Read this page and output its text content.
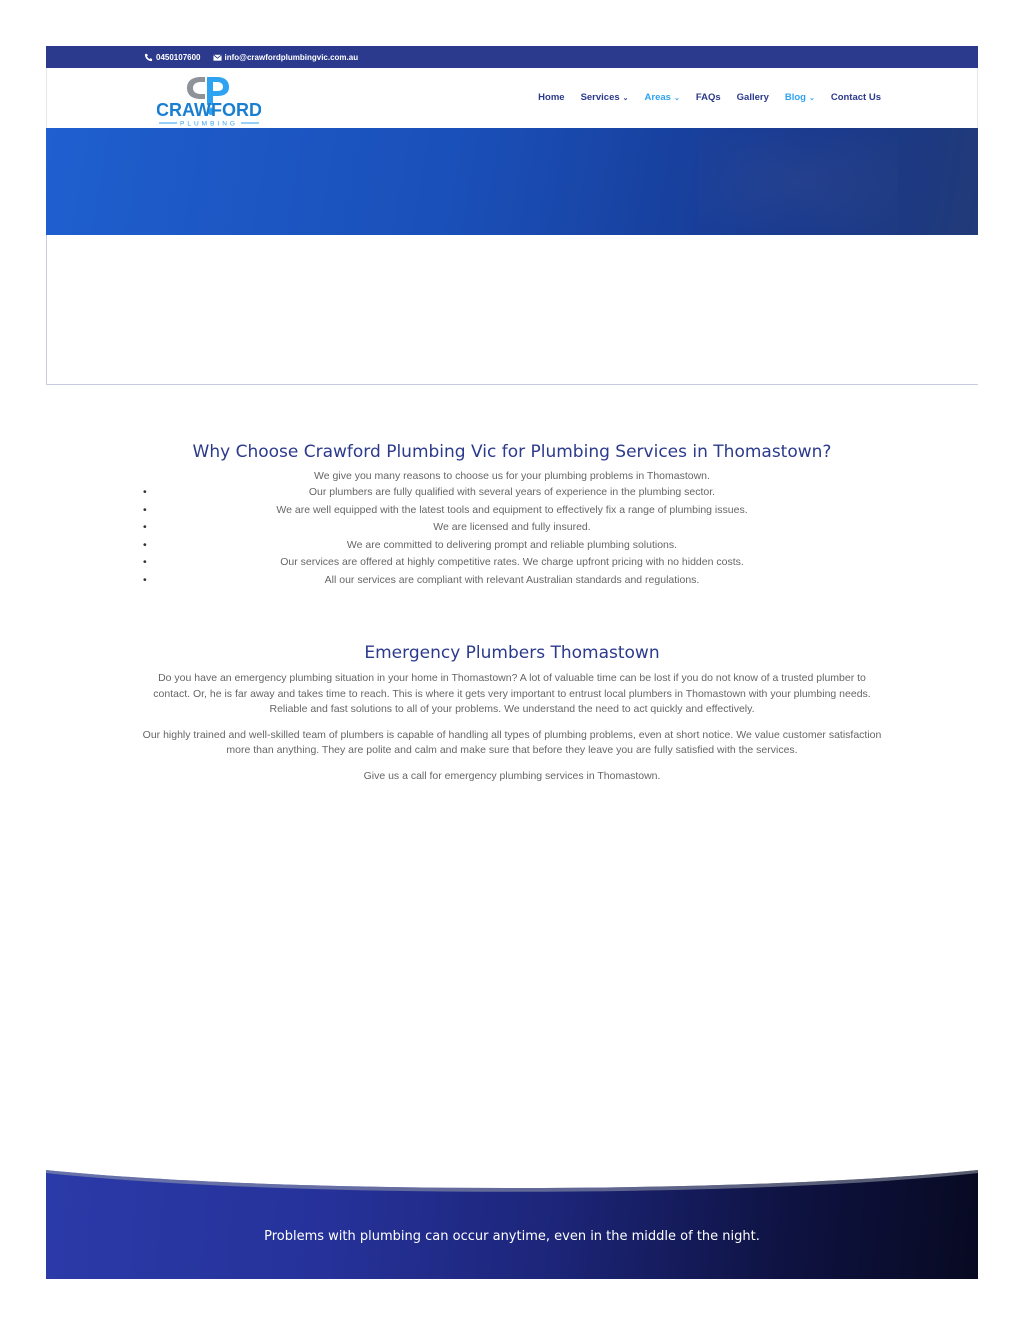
0450107600	info@crawfordplumbingvic.com.au
CRAWFORD
PLUMBING
Home Services ⌄ Areas ⌄ FAQs Gallery Blog ⌄ Contact Us
Why Choose Crawford Plumbing Vic for Plumbing Services in Thomastown?

We give you many reasons to choose us for your plumbing problems in Thomastown.

• Our plumbers are fully qualified with several years of experience in the plumbing sector.
• We are well equipped with the latest tools and equipment to effectively fix a range of plumbing issues.
• We are licensed and fully insured.
• We are committed to delivering prompt and reliable plumbing solutions.
• Our services are offered at highly competitive rates. We charge upfront pricing with no hidden costs.
• All our services are compliant with relevant Australian standards and regulations.
Emergency Plumbers Thomastown

Do you have an emergency plumbing situation in your home in Thomastown? A lot of valuable time can be lost if you do not know of a trusted plumber to contact. Or, he is far away and takes time to reach. This is where it gets very important to entrust local plumbers in Thomastown with your plumbing needs. Reliable and fast solutions to all of your problems. We understand the need to act quickly and effectively.

Our highly trained and well-skilled team of plumbers is capable of handling all types of plumbing problems, even at short notice. We value customer satisfaction more than anything. They are polite and calm and make sure that before they leave you are fully satisfied with the services.

Give us a call for emergency plumbing services in Thomastown.

Problems with plumbing can occur anytime, even in the middle of the night.
